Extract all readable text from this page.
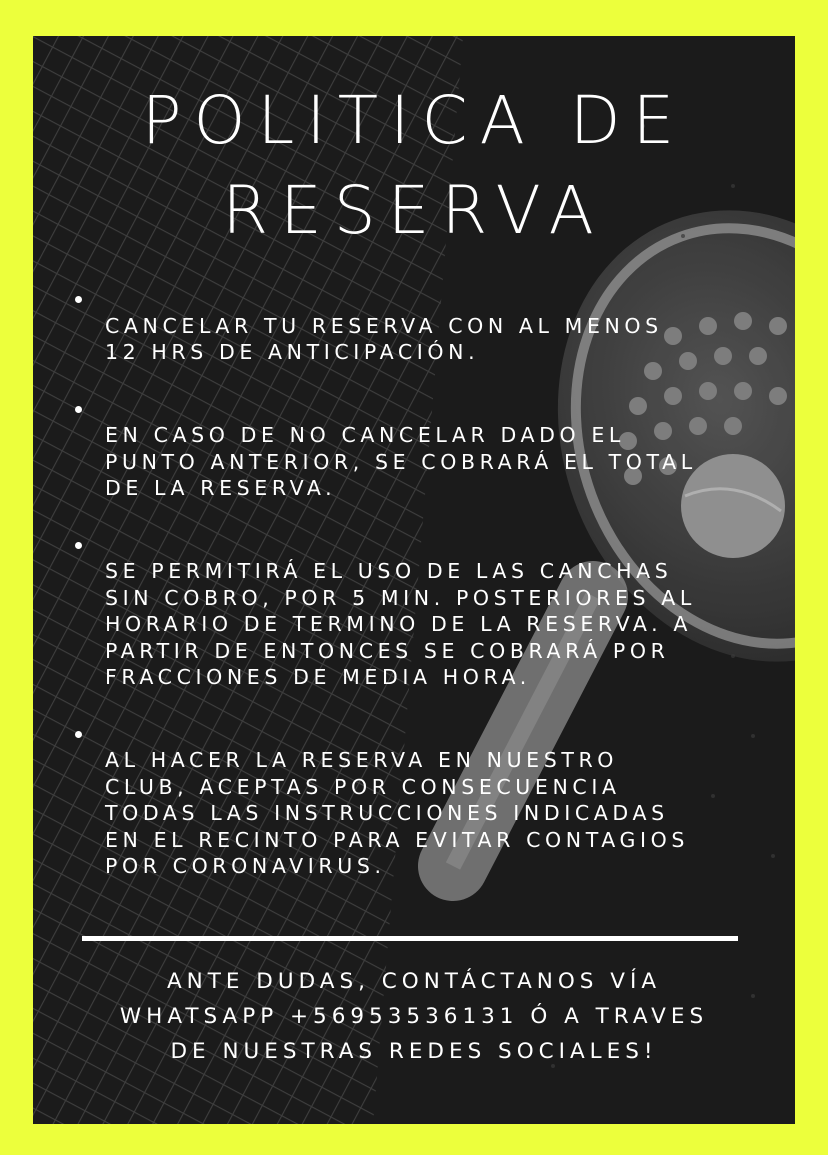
POLITICA DE
RESERVA

CANCELAR TU RESERVA CON AL MENOS
12 HRS DE ANTICIPACIÓN.

EN CASO DE NO CANCELAR DADO EL
PUNTO ANTERIOR, SE COBRARÁ EL TOTAL
DE LA RESERVA.

SE PERMITIRÁ EL USO DE LAS CANCHAS
SIN COBRO, POR 5 MIN. POSTERIORES AL
HORARIO DE TERMINO DE LA RESERVA. A
PARTIR DE ENTONCES SE COBRARÁ POR
FRACCIONES DE MEDIA HORA.

AL HACER LA RESERVA EN NUESTRO
CLUB, ACEPTAS POR CONSECUENCIA
TODAS LAS INSTRUCCIONES INDICADAS
EN EL RECINTO PARA EVITAR CONTAGIOS
POR CORONAVIRUS.

ANTE DUDAS, CONTÁCTANOS VÍA
WHATSAPP +56953536131 Ó A TRAVES
DE NUESTRAS REDES SOCIALES!
